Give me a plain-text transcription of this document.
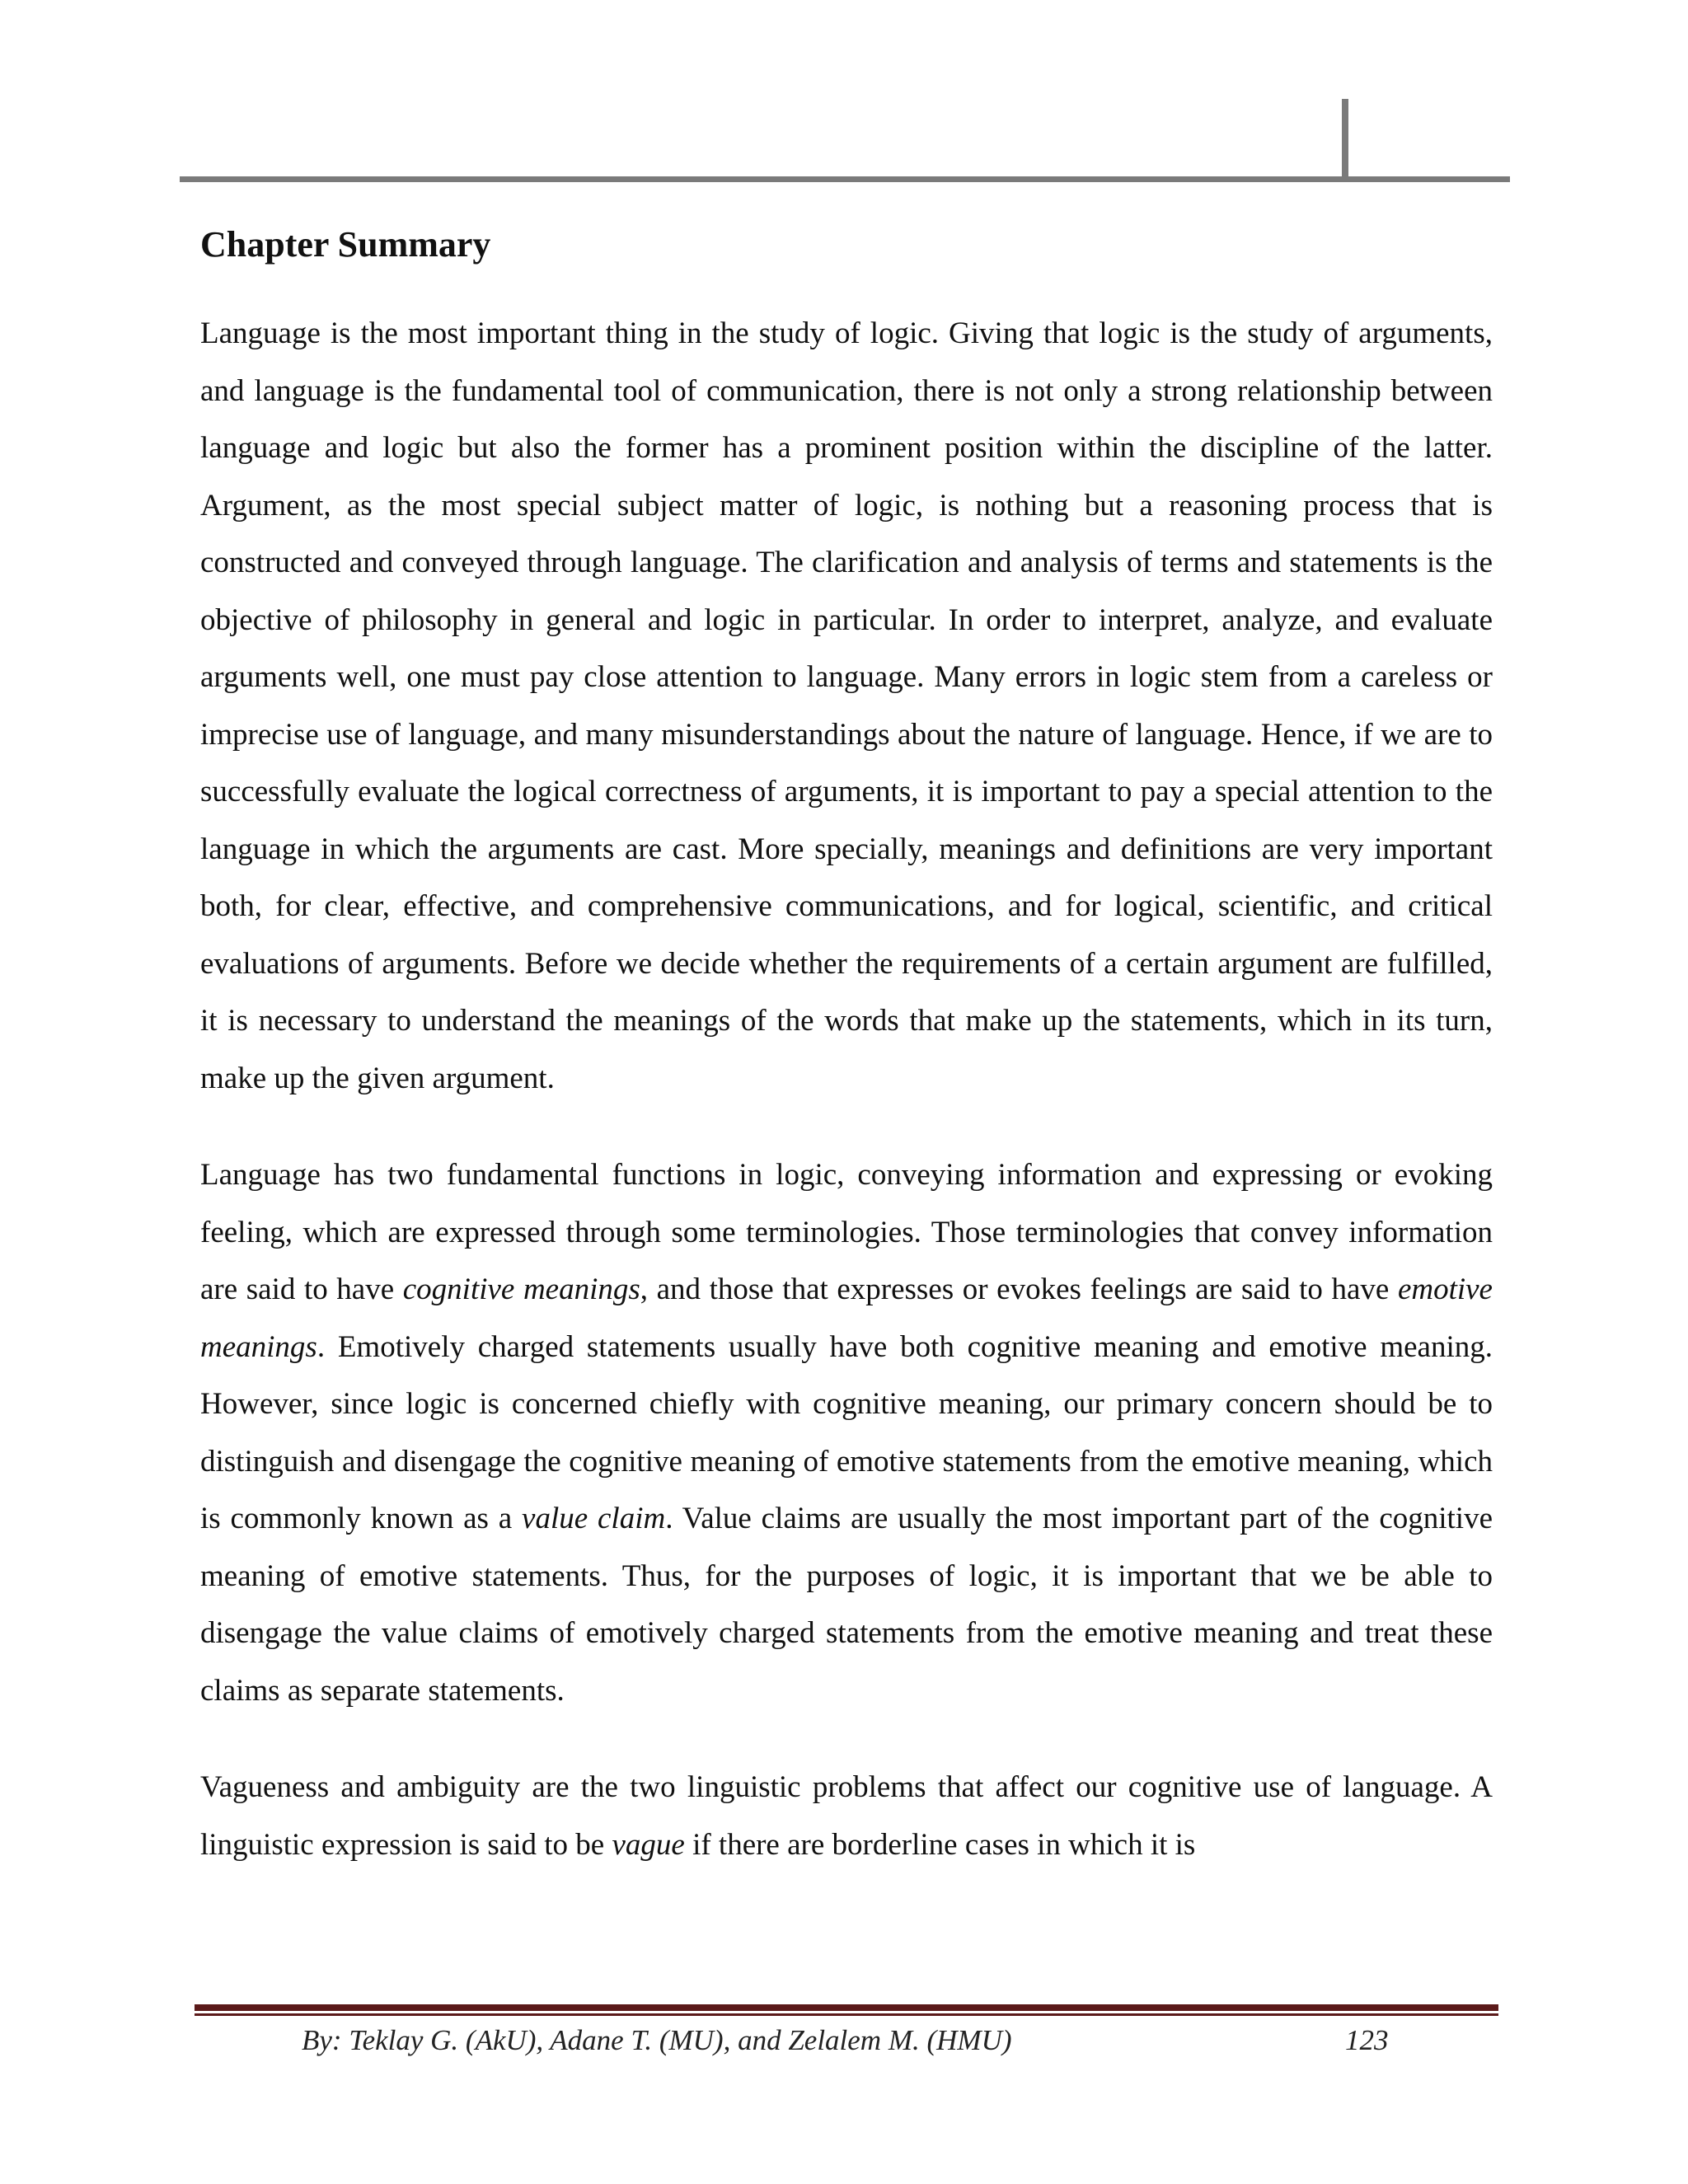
Chapter Summary

Language is the most important thing in the study of logic. Giving that logic is the study of arguments, and language is the fundamental tool of communication, there is not only a strong relationship between language and logic but also the former has a prominent position within the discipline of the latter. Argument, as the most special subject matter of logic, is nothing but a reasoning process that is constructed and conveyed through language. The clarification and analysis of terms and statements is the objective of philosophy in general and logic in particular. In order to interpret, analyze, and evaluate arguments well, one must pay close attention to language. Many errors in logic stem from a careless or imprecise use of language, and many misunderstandings about the nature of language. Hence, if we are to successfully evaluate the logical correctness of arguments, it is important to pay a special attention to the language in which the arguments are cast. More specially, meanings and definitions are very important both, for clear, effective, and comprehensive communications, and for logical, scientific, and critical evaluations of arguments. Before we decide whether the requirements of a certain argument are fulfilled, it is necessary to understand the meanings of the words that make up the statements, which in its turn, make up the given argument.

Language has two fundamental functions in logic, conveying information and expressing or evoking feeling, which are expressed through some terminologies. Those terminologies that convey information are said to have cognitive meanings, and those that expresses or evokes feelings are said to have emotive meanings. Emotively charged statements usually have both cognitive meaning and emotive meaning. However, since logic is concerned chiefly with cognitive meaning, our primary concern should be to distinguish and disengage the cognitive meaning of emotive statements from the emotive meaning, which is commonly known as a value claim. Value claims are usually the most important part of the cognitive meaning of emotive statements. Thus, for the purposes of logic, it is important that we be able to disengage the value claims of emotively charged statements from the emotive meaning and treat these claims as separate statements.

Vagueness and ambiguity are the two linguistic problems that affect our cognitive use of language. A linguistic expression is said to be vague if there are borderline cases in which it is

By: Teklay G. (AkU), Adane T. (MU), and Zelalem M. (HMU)	123
